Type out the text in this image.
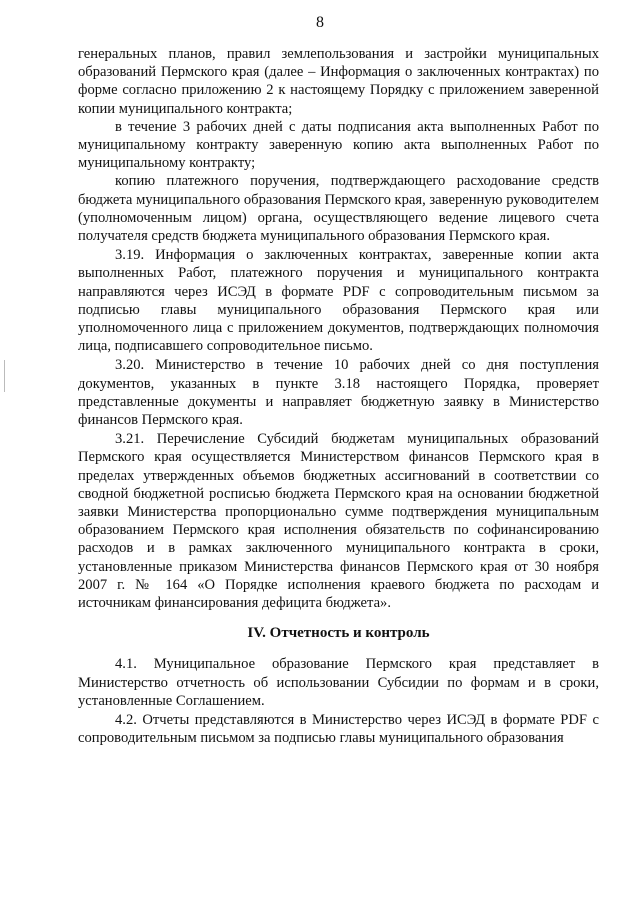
8

генеральных планов, правил землепользования и застройки муниципальных образований Пермского края (далее – Информация о заключенных контрактах) по форме согласно приложению 2 к настоящему Порядку с приложением заверенной копии муниципального контракта;

в течение 3 рабочих дней с даты подписания акта выполненных Работ по муниципальному контракту заверенную копию акта выполненных Работ по муниципальному контракту;

копию платежного поручения, подтверждающего расходование средств бюджета муниципального образования Пермского края, заверенную руководителем (уполномоченным лицом) органа, осуществляющего ведение лицевого счета получателя средств бюджета муниципального образования Пермского края.

3.19. Информация о заключенных контрактах, заверенные копии акта выполненных Работ, платежного поручения и муниципального контракта направляются через ИСЭД в формате PDF с сопроводительным письмом за подписью главы муниципального образования Пермского края или уполномоченного лица с приложением документов, подтверждающих полномочия лица, подписавшего сопроводительное письмо.

3.20. Министерство в течение 10 рабочих дней со дня поступления документов, указанных в пункте 3.18 настоящего Порядка, проверяет представленные документы и направляет бюджетную заявку в Министерство финансов Пермского края.

3.21. Перечисление Субсидий бюджетам муниципальных образований Пермского края осуществляется Министерством финансов Пермского края в пределах утвержденных объемов бюджетных ассигнований в соответствии со сводной бюджетной росписью бюджета Пермского края на основании бюджетной заявки Министерства пропорционально сумме подтверждения муниципальным образованием Пермского края исполнения обязательств по софинансированию расходов и в рамках заключенного муниципального контракта в сроки, установленные приказом Министерства финансов Пермского края от 30 ноября 2007 г. № 164 «О Порядке исполнения краевого бюджета по расходам и источникам финансирования дефицита бюджета».

IV. Отчетность и контроль

4.1. Муниципальное образование Пермского края представляет в Министерство отчетность об использовании Субсидии по формам и в сроки, установленные Соглашением.

4.2. Отчеты представляются в Министерство через ИСЭД в формате PDF с сопроводительным письмом за подписью главы муниципального образования
